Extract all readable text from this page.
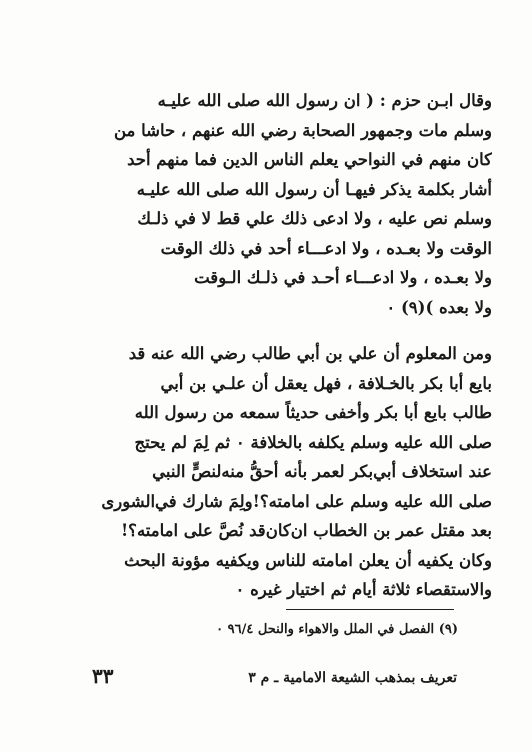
وقال ابـن حزم : ( ان رسول الله صلى الله عليـه
وسلم مات وجمهور الصحابة رضي الله عنهم ، حاشا من
كان منهم في النواحي يعلم الناس الدين فما منهم أحد
أشار بكلمة يذكر فيهـا أن رسول الله صلى الله عليـه
وسلم نص عليه ، ولا ادعى ذلك علي قط لا في ذلـك
الوقت ولا بعـده ، ولا ادعـــاء أحد في ذلك الوقت
ولا بعـده ، ولا ادعـــاء أحـد في ذلـك الـوقت
ولا بعده )(٩) ٠
ومن المعلوم أن علي بن أبي طالب رضي الله عنه قد
بايع أبا بكر بالخـلافة ، فهل يعقل أن علـي بن أبي
طالب بايع أبا بكر وأخفى حديثاً سمعه من رسول الله
صلى الله عليه وسلم يكلفه بالخلافة ٠ ثم لِمَ لم يحتج
عند استخلاف أبي‌بكر لعمر بأنه أحقُّ منه‌لنصٍّ النبي
صلى الله عليه وسلم على امامته؟!ولِمَ شارك في‌الشورى
بعد مقتل عمر بن الخطاب ان‌كان‌قد نُصَّ على امامته؟!
وكان يكفيه أن يعلن امامته للناس ويكفيه مؤونة البحث
والاستقصاء ثلاثة أيام ثم اختيار غيره ٠
(٩) الفصل في الملل والاهواء والنحل ٩٦/٤ ٠
تعريف بمذهب الشيعة الامامية ـ م ٣
٣٣
